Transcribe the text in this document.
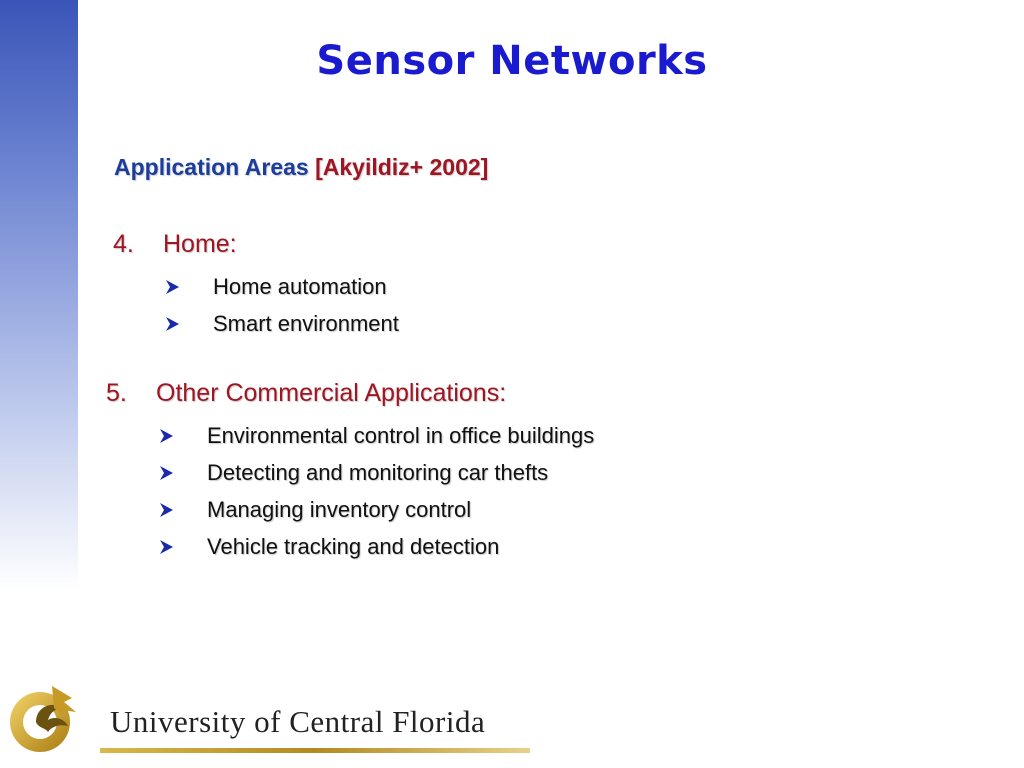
Sensor Networks
Application Areas [Akyildiz+ 2002]
4.	Home:
Home automation
Smart environment
5.	Other Commercial Applications:
Environmental control in office buildings
Detecting and monitoring car thefts
Managing inventory control
Vehicle tracking and detection
University of Central Florida
